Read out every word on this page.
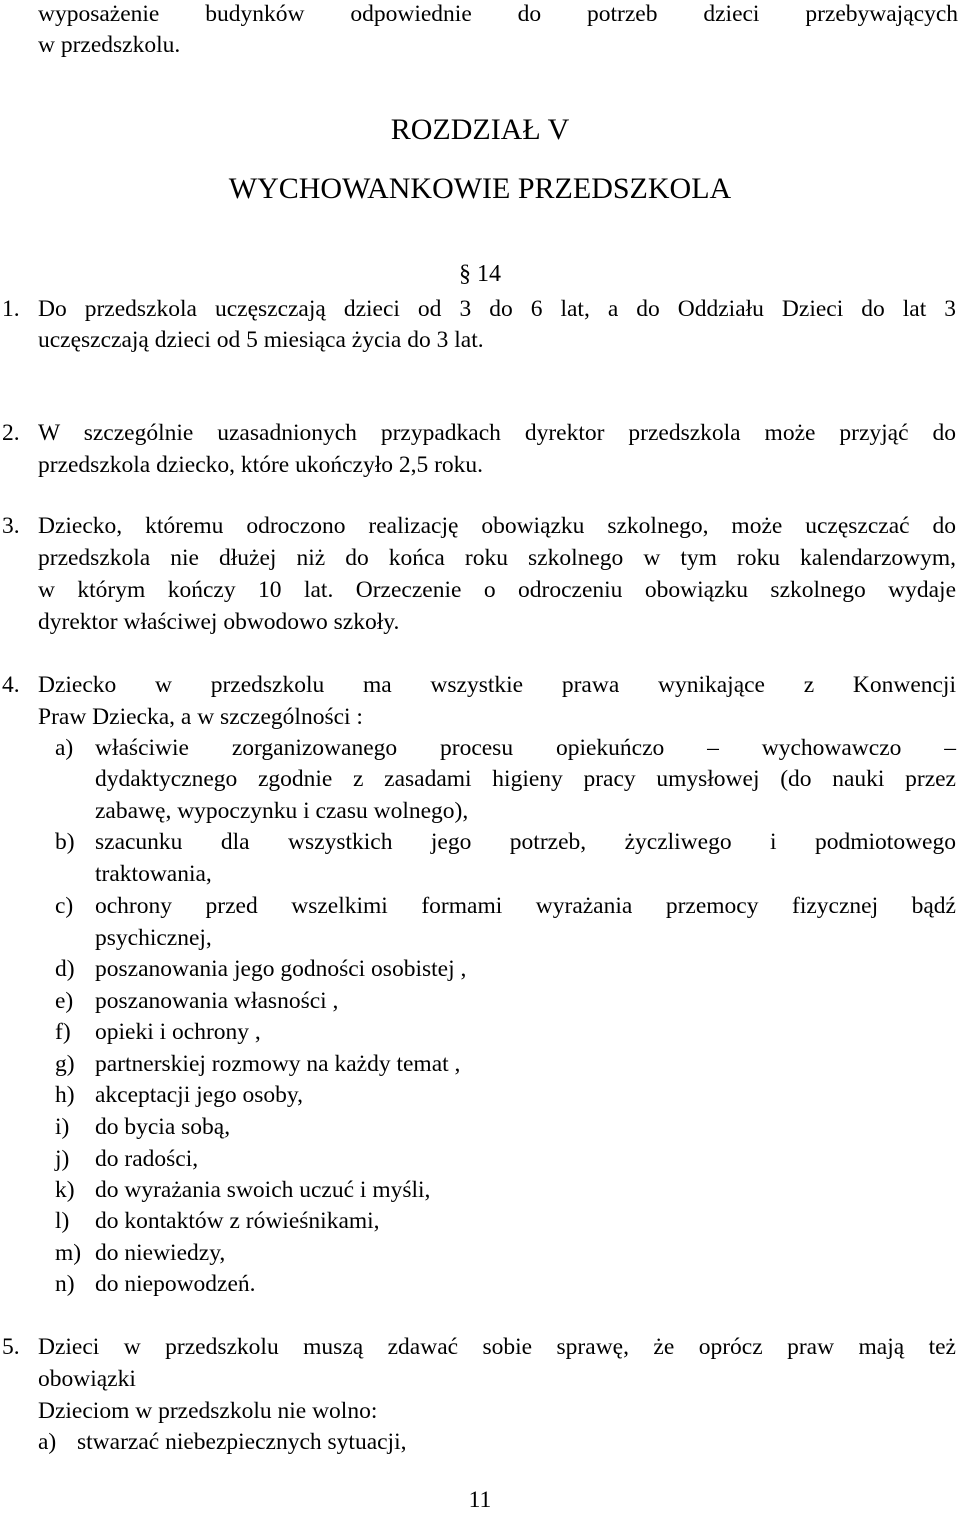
wyposażenie budynków odpowiednie do potrzeb dzieci przebywających
w przedszkolu.
ROZDZIAŁ V
WYCHOWANKOWIE PRZEDSZKOLA
§ 14
1. Do przedszkola uczęszczają dzieci od 3 do 6 lat, a do Oddziału Dzieci do lat 3
uczęszczają dzieci od 5 miesiąca życia do 3 lat.
2. W szczególnie uzasadnionych przypadkach dyrektor przedszkola może przyjąć do
przedszkola dziecko, które ukończyło 2,5 roku.
3. Dziecko, któremu odroczono realizację obowiązku szkolnego, może uczęszczać do
przedszkola nie dłużej niż do końca roku szkolnego w tym roku kalendarzowym,
w którym kończy 10 lat. Orzeczenie o odroczeniu obowiązku szkolnego wydaje
dyrektor właściwej obwodowo szkoły.
4. Dziecko w przedszkolu ma wszystkie prawa wynikające z Konwencji
Praw Dziecka, a w szczególności :
a) właściwie zorganizowanego procesu opiekuńczo – wychowawczo –
dydaktycznego zgodnie z zasadami higieny pracy umysłowej (do nauki przez
zabawę, wypoczynku i czasu wolnego),
b) szacunku dla wszystkich jego potrzeb, życzliwego i podmiotowego
traktowania,
c) ochrony przed wszelkimi formami wyrażania przemocy fizycznej bądź
psychicznej,
d) poszanowania jego godności osobistej ,
e) poszanowania własności ,
f) opieki i ochrony ,
g) partnerskiej rozmowy na każdy temat ,
h) akceptacji jego osoby,
i) do bycia sobą,
j) do radości,
k) do wyrażania swoich uczuć i myśli,
l) do kontaktów z rówieśnikami,
m) do niewiedzy,
n) do niepowodzeń.
5. Dzieci w przedszkolu muszą zdawać sobie sprawę, że oprócz praw mają też
obowiązki
Dzieciom w przedszkolu nie wolno:
a) stwarzać niebezpiecznych sytuacji,
11
